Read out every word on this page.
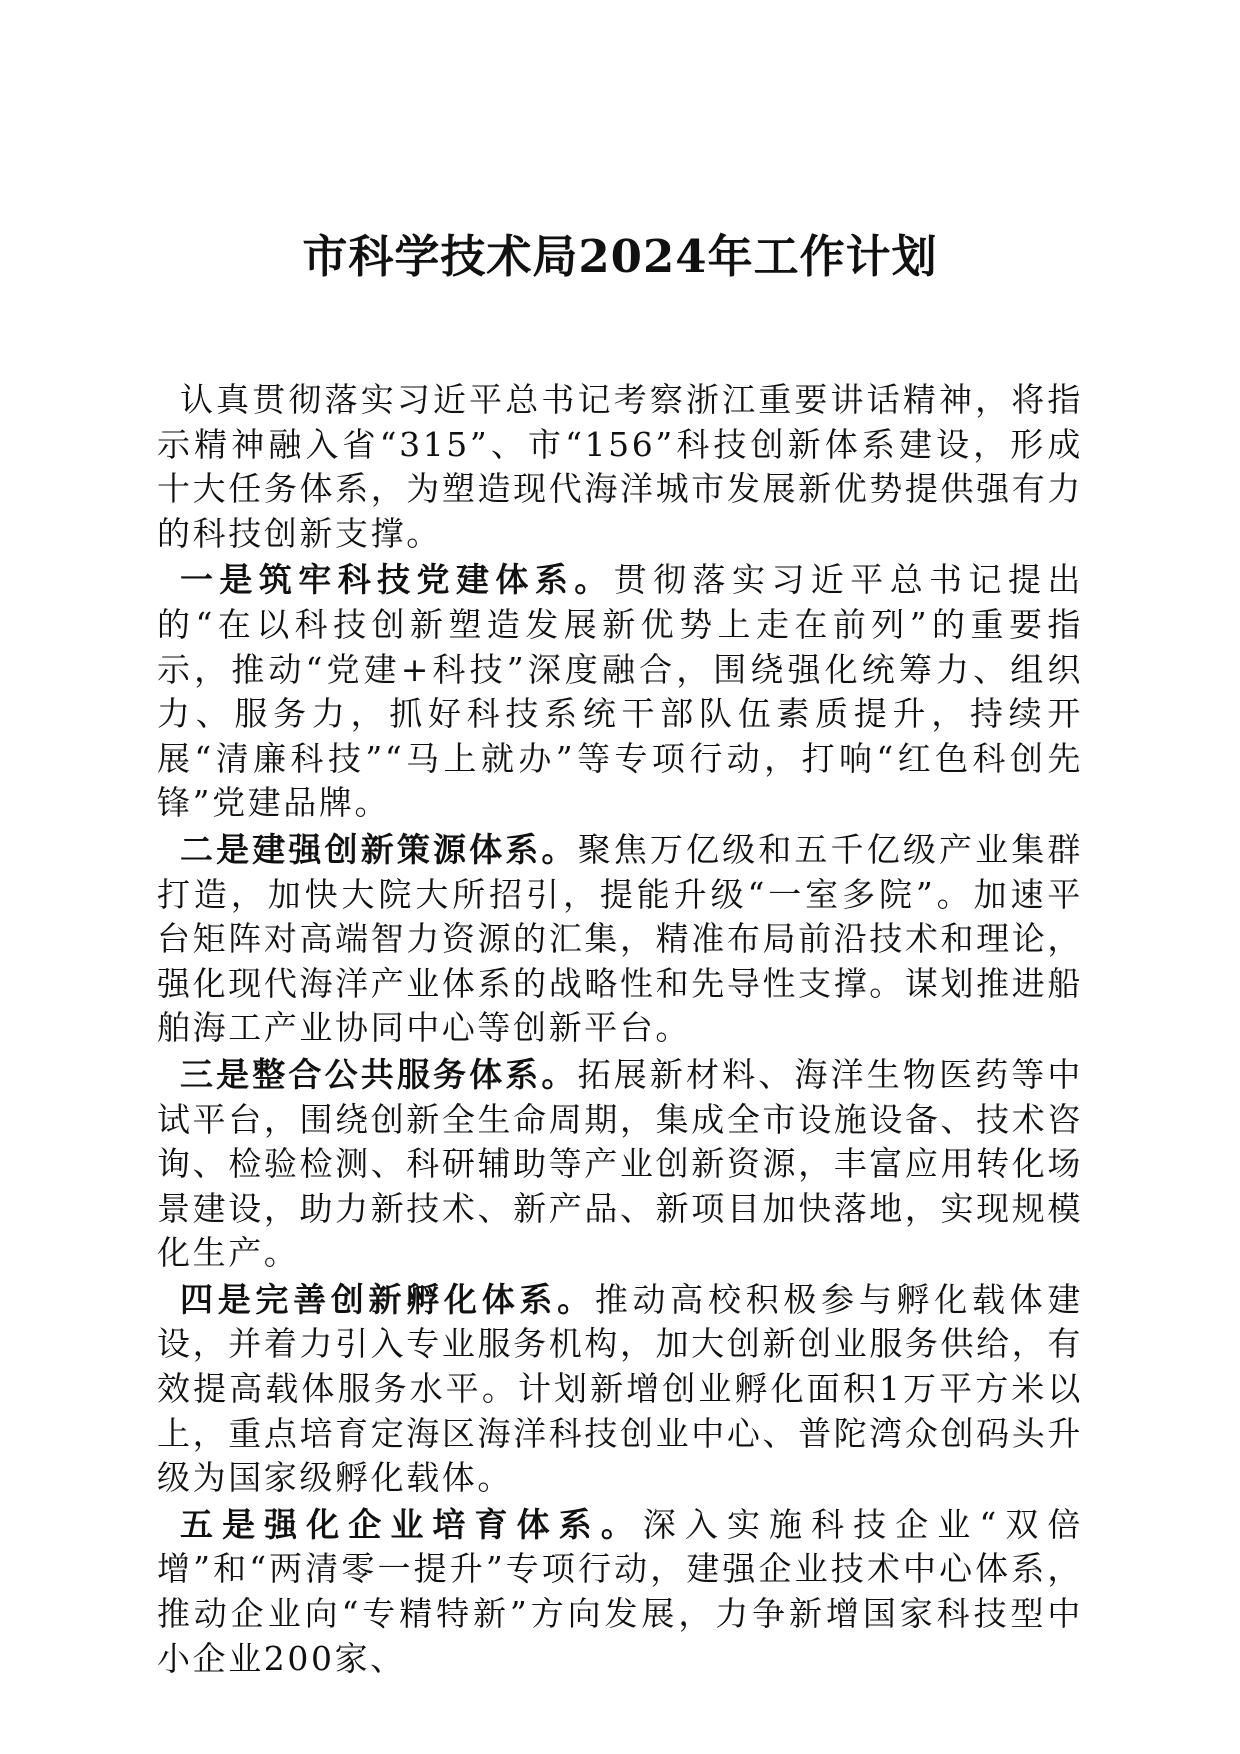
市科学技术局2024年工作计划

认真贯彻落实习近平总书记考察浙江重要讲话精神，将指示精神融入省“315”、市“156”科技创新体系建设，形成十大任务体系，为塑造现代海洋城市发展新优势提供强有力的科技创新支撑。

一是筑牢科技党建体系。贯彻落实习近平总书记提出的“在以科技创新塑造发展新优势上走在前列”的重要指示，推动“党建+科技”深度融合，围绕强化统筹力、组织力、服务力，抓好科技系统干部队伍素质提升，持续开展“清廉科技”“马上就办”等专项行动，打响“红色科创先锋”党建品牌。

二是建强创新策源体系。聚焦万亿级和五千亿级产业集群打造，加快大院大所招引，提能升级“一室多院”。加速平台矩阵对高端智力资源的汇集，精准布局前沿技术和理论，强化现代海洋产业体系的战略性和先导性支撑。谋划推进船舶海工产业协同中心等创新平台。

三是整合公共服务体系。拓展新材料、海洋生物医药等中试平台，围绕创新全生命周期，集成全市设施设备、技术咨询、检验检测、科研辅助等产业创新资源，丰富应用转化场景建设，助力新技术、新产品、新项目加快落地，实现规模化生产。

四是完善创新孵化体系。推动高校积极参与孵化载体建设，并着力引入专业服务机构，加大创新创业服务供给，有效提高载体服务水平。计划新增创业孵化面积1万平方米以上，重点培育定海区海洋科技创业中心、普陀湾众创码头升级为国家级孵化载体。

五是强化企业培育体系。深入实施科技企业“双倍增”和“两清零一提升”专项行动，建强企业技术中心体系，推动企业向“专精特新”方向发展，力争新增国家科技型中小企业200家、
